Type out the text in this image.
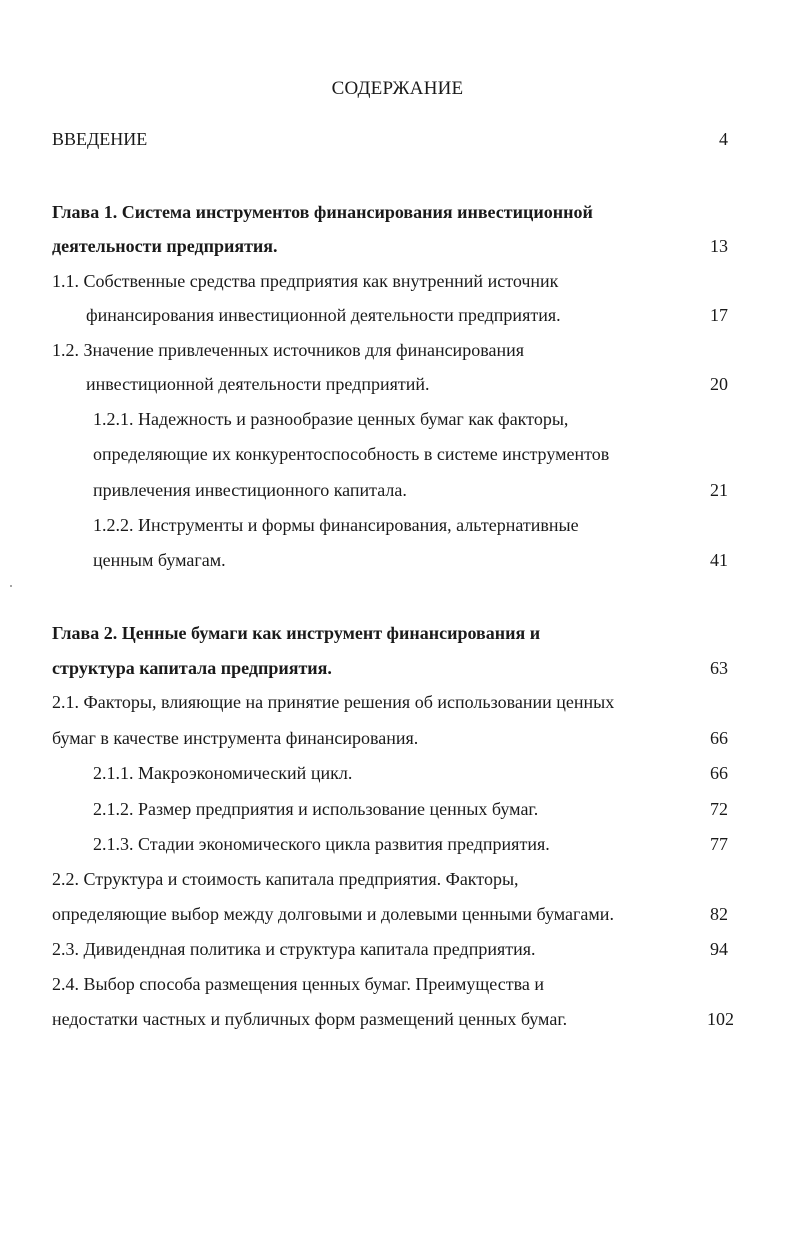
СОДЕРЖАНИЕ
ВВЕДЕНИЕ	4
Глава 1. Система инструментов финансирования инвестиционной
деятельности предприятия.	13
1.1. Собственные средства предприятия как внутренний источник
финансирования инвестиционной деятельности предприятия.	17
1.2. Значение привлеченных источников для финансирования
инвестиционной деятельности предприятий.	20
1.2.1. Надежность и разнообразие ценных бумаг как факторы,
определяющие их конкурентоспособность в системе инструментов
привлечения инвестиционного капитала.	21
1.2.2. Инструменты и формы финансирования, альтернативные
ценным бумагам.	41
Глава 2. Ценные бумаги как инструмент финансирования и
структура капитала предприятия.	63
2.1. Факторы, влияющие на принятие решения об использовании ценных
бумаг в качестве инструмента финансирования.	66
2.1.1. Макроэкономический цикл.	66
2.1.2. Размер предприятия и использование ценных бумаг.	72
2.1.3. Стадии экономического цикла развития предприятия.	77
2.2. Структура и стоимость капитала предприятия. Факторы,
определяющие выбор между долговыми и долевыми ценными бумагами.	82
2.3. Дивидендная политика и структура капитала предприятия.	94
2.4. Выбор способа размещения ценных бумаг. Преимущества и
недостатки частных и публичных форм размещений ценных бумаг.	102
